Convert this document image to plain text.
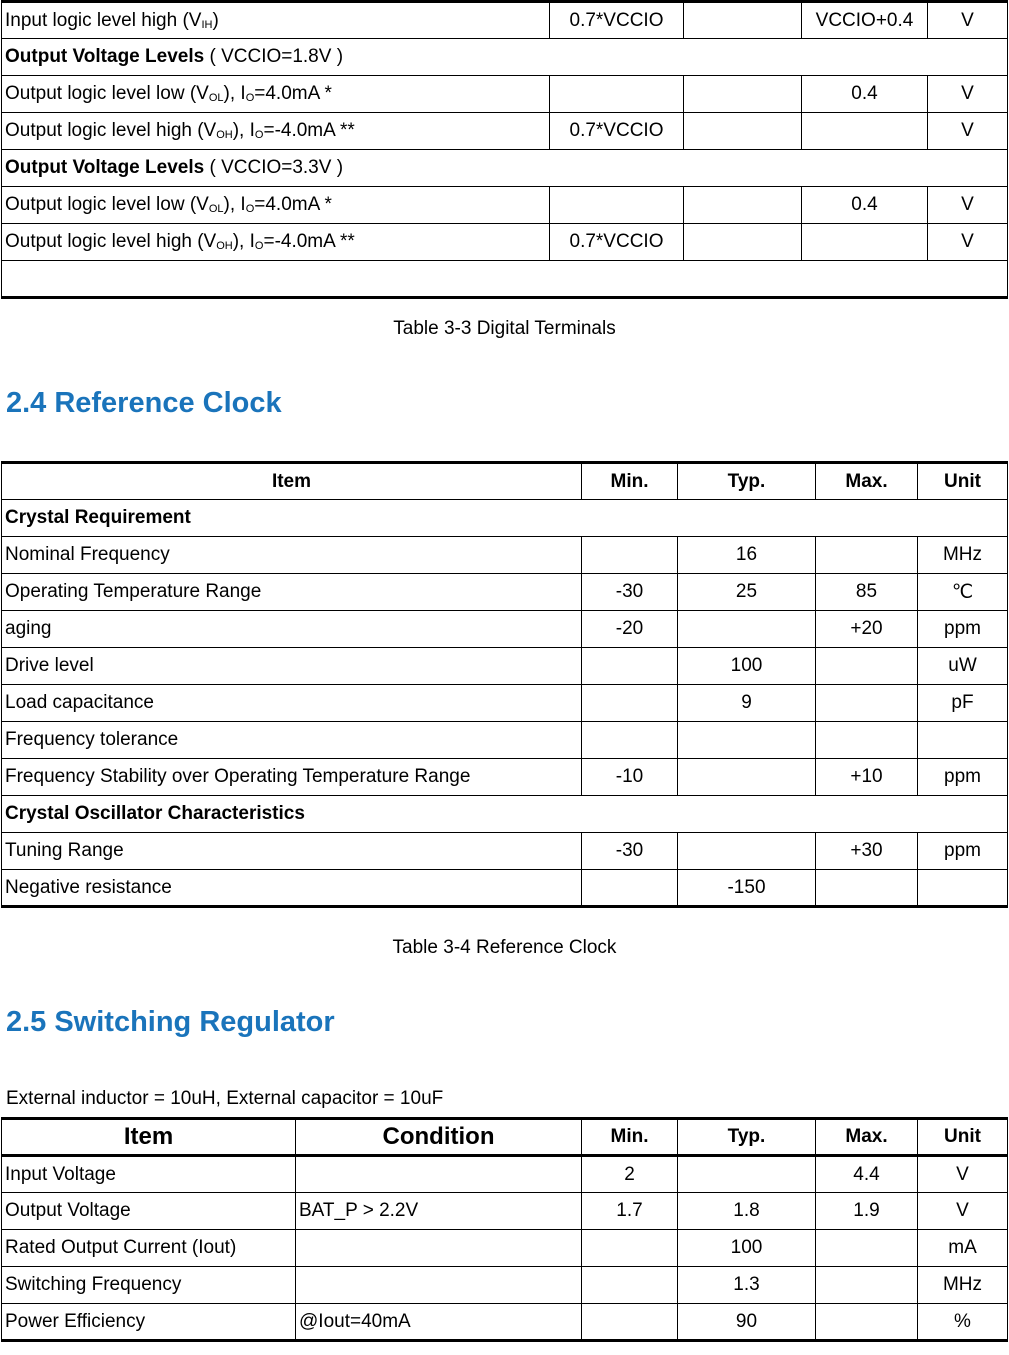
Input logic level high $(V_{IH})$	0.7*VCCIO		VCCIO+0.4	V
Output Voltage Levels ( VCCIO=1.8V )				
Output logic level low $(V_{OL})$, $I_O=4.0mA$ *			0.4	V
Output logic level high $(V_{OH})$, $I_O=-4.0mA$ **	0.7*VCCIO			V
Output Voltage Levels ( VCCIO=3.3V )				
Output logic level low $(V_{OL})$, $I_O=4.0mA$ *			0.4	V
Output logic level high $(V_{OH})$, $I_O=-4.0mA$ **	0.7*VCCIO			V

Table 3-3 Digital Terminals
2.4 Reference Clock
Item	Min.	Typ.	Max.	Unit
Crystal Requirement				
Nominal Frequency		16		MHz
Operating Temperature Range	-30	25	85	℃
aging	-20		+20	ppm
Drive level		100		uW
Load capacitance		9		pF
Frequency tolerance				
Frequency Stability over Operating Temperature Range	-10		+10	ppm
Crystal Oscillator Characteristics				
Tuning Range	-30		+30	ppm
Negative resistance		-150		
Table 3-4 Reference Clock
2.5 Switching Regulator
External inductor = 10uH, External capacitor = 10uF
Item	Condition	Min.	Typ.	Max.	Unit
Input Voltage		2		4.4	V
Output Voltage	BAT_P > 2.2V	1.7	1.8	1.9	V
Rated Output Current (Iout)			100		mA
Switching Frequency			1.3		MHz
Power Efficiency	@Iout=40mA		90		%
